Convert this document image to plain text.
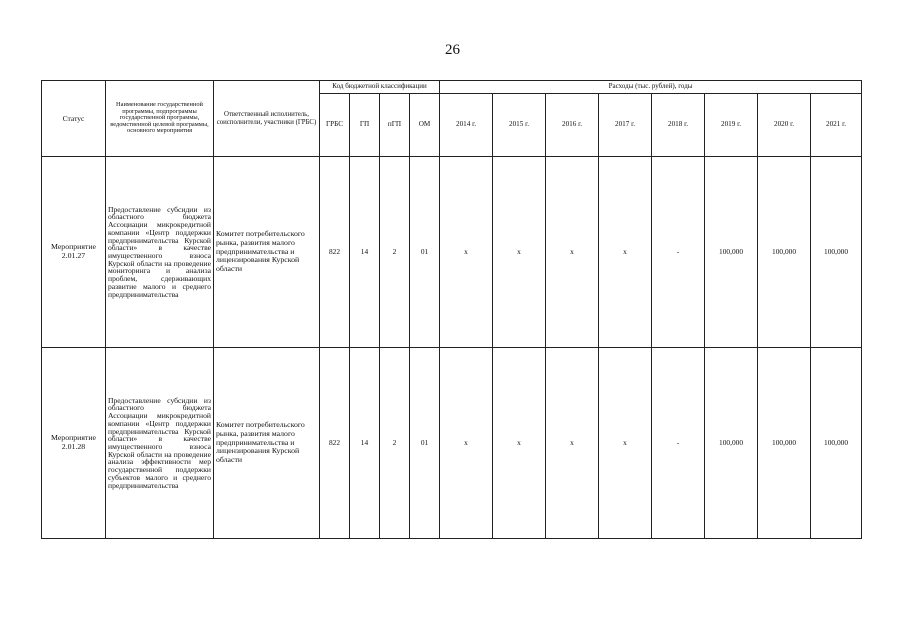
26
Статус	Наименование государственной программы, подпрограммы государственной программы, ведомственной целевой программы, основного мероприятия	Ответственный исполнитель, соисполнители, участники (ГРБС)	Код бюджетной классификации				Расходы (тыс. рублей), годы							
			ГРБС	ГП	пГП	ОМ	2014 г.	2015 г.	2016 г.	2017 г.	2018 г.	2019 г.	2020 г.	2021 г.
Мероприятие 2.01.27	Предоставление субсидии из областного бюджета Ассоциации микрокредитной компании «Центр поддержки предпринимательства Курской области» в качестве имущественного взноса Курской области на проведение мониторинга и анализа проблем, сдерживающих развитие малого и среднего предпринимательства	Комитет потребительского рынка, развития малого предпринимательства и лицензирования Курской области	822	14	2	01	x	x	x	x	-	100,000	100,000	100,000
Мероприятие 2.01.28	Предоставление субсидии из областного бюджета Ассоциации микрокредитной компании «Центр поддержки предпринимательства Курской области» в качестве имущественного взноса Курской области на проведение анализа эффективности мер государственной поддержки субъектов малого и среднего предпринимательства	Комитет потребительского рынка, развития малого предпринимательства и лицензирования Курской области	822	14	2	01	x	x	x	x	-	100,000	100,000	100,000
